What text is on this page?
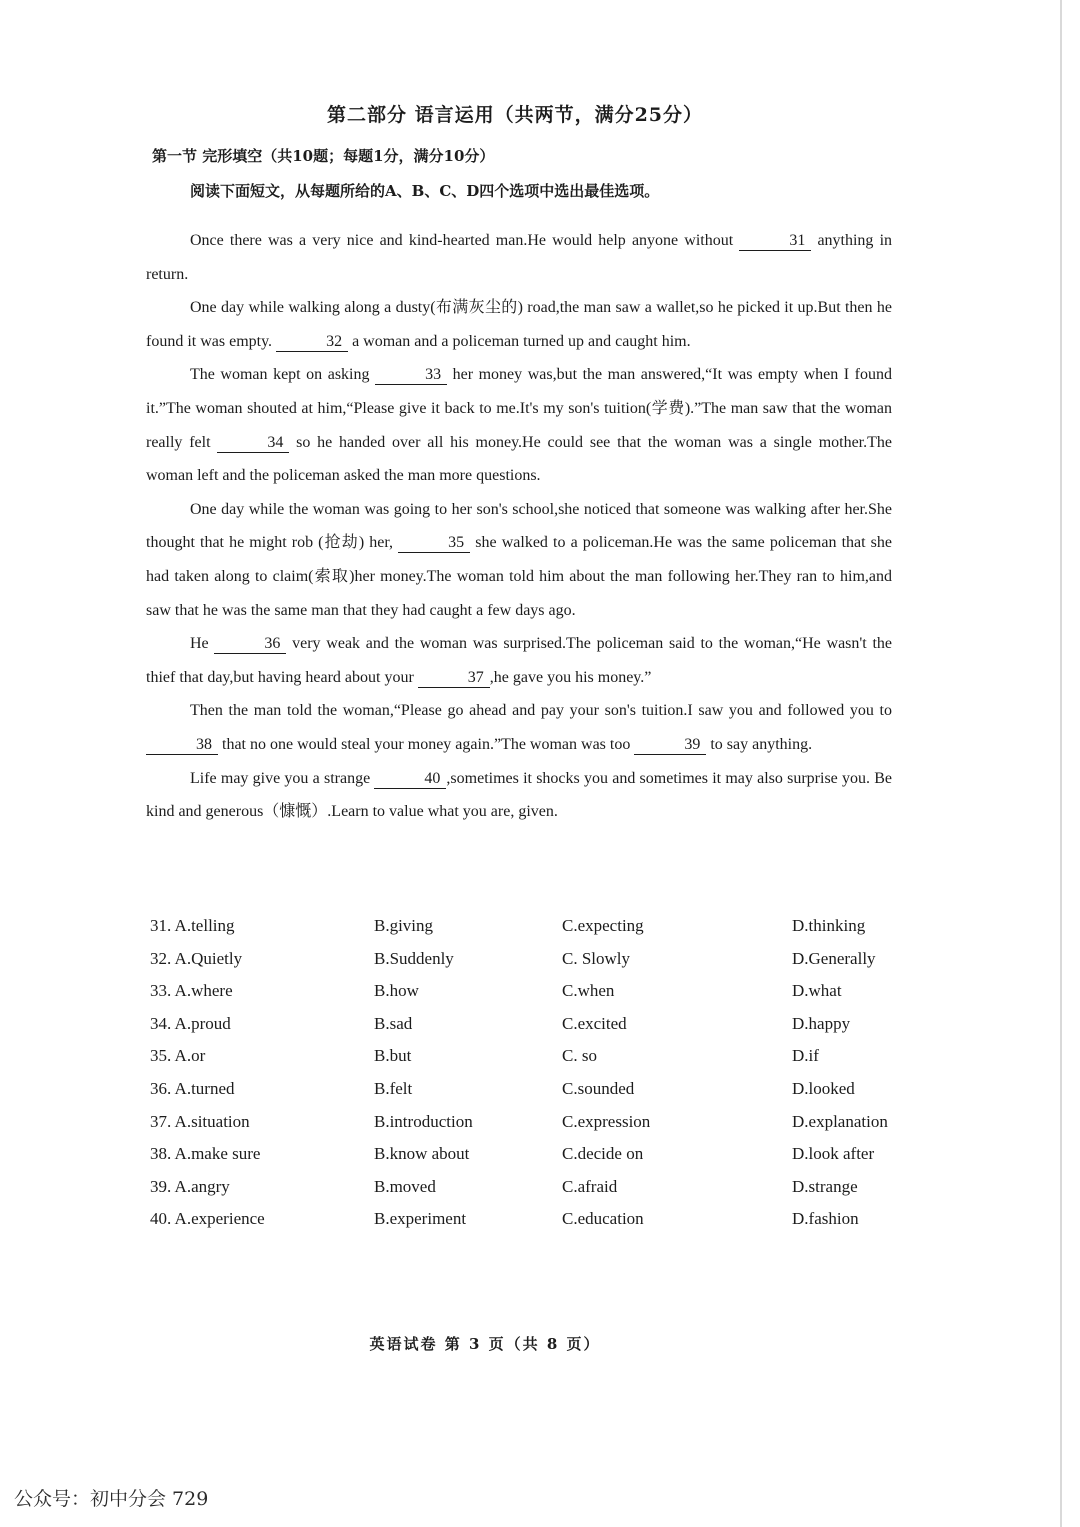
第二部分 语言运用（共两节，满分25分）
第一节 完形填空（共10题；每题1分，满分10分）
阅读下面短文，从每题所给的A、B、C、D四个选项中选出最佳选项。

Once there was a very nice and kind-hearted man.He would help anyone without	31 anything in return.

One day while walking along a dusty(布满灰尘的) road,the man saw a wallet,so he picked it up.But then he found it was empty.	32 a woman and a policeman turned up and caught him.

The woman kept on asking	33 her money was,but the man answered,“It was empty when I found it.”The woman shouted at him,“Please give it back to me.It's my son's tuition(学费).”The man saw that the woman really felt	34 so he handed over all his money.He could see that the woman was a single mother.The woman left and the policeman asked the man more questions.

One day while the woman was going to her son's school,she noticed that someone was walking after her.She thought that he might rob (抢劫) her,	35 she walked to a policeman.He was the same policeman that she had taken along to claim(索取)her money.The woman told him about the man following her.They ran to him,and saw that he was the same man that they had caught a few days ago.

He	36 very weak and the woman was surprised.The policeman said to the woman,“He wasn't the thief that day,but having heard about your	37 ,he gave you his money.”

Then the man told the woman,“Please go ahead and pay your son's tuition.I saw you and followed you to 38 that no one would steal your money again.”The woman was too	39 to say anything.

Life may give you a strange	40 ,sometimes it shocks you and sometimes it may also surprise you. Be kind and generous（慷慨）.Learn to value what you are, given.

31. A.telling	B.giving	C.expecting	D.thinking
32. A.Quietly	B.Suddenly	C. Slowly	D.Generally
33. A.where	B.how	C.when	D.what
34. A.proud	B.sad	C.excited	D.happy
35. A.or	B.but	C. so	D.if
36. A.turned	B.felt	C.sounded	D.looked
37. A.situation	B.introduction	C.expression	D.explanation
38. A.make sure	B.know about	C.decide on	D.look after
39. A.angry	B.moved	C.afraid	D.strange
40. A.experience	B.experiment	C.education	D.fashion
英语试卷 第 3 页（共 8 页）
公众号：初中分会 729
